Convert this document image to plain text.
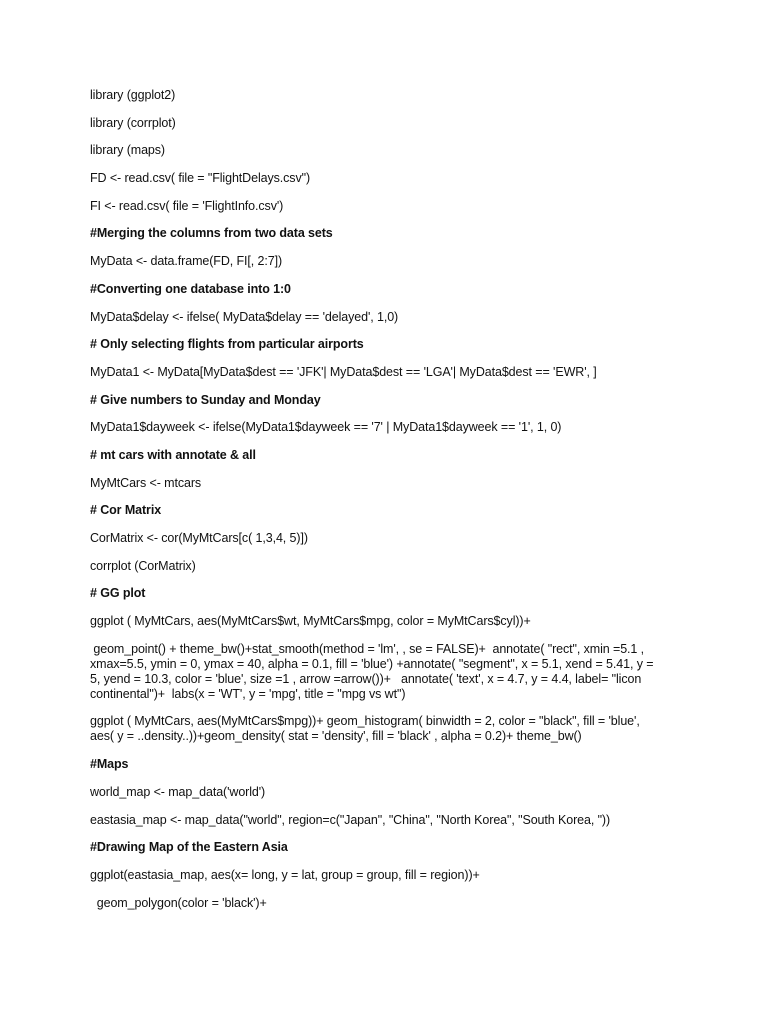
library (ggplot2)
library (corrplot)
library (maps)
FD <- read.csv( file = "FlightDelays.csv")
FI <- read.csv( file = 'FlightInfo.csv')
#Merging the columns from two data sets
MyData <- data.frame(FD, FI[, 2:7])
#Converting one database into 1:0
MyData$delay <- ifelse( MyData$delay == 'delayed', 1,0)
# Only selecting flights from particular airports
MyData1 <- MyData[MyData$dest == 'JFK'| MyData$dest == 'LGA'| MyData$dest == 'EWR', ]
# Give numbers to Sunday and Monday
MyData1$dayweek <- ifelse(MyData1$dayweek == '7' | MyData1$dayweek == '1', 1, 0)
# mt cars with annotate & all
MyMtCars <- mtcars
# Cor Matrix
CorMatrix <- cor(MyMtCars[c( 1,3,4, 5)])
corrplot (CorMatrix)
# GG plot
ggplot ( MyMtCars, aes(MyMtCars$wt, MyMtCars$mpg, color = MyMtCars$cyl))+
geom_point() + theme_bw()+stat_smooth(method = 'lm', , se = FALSE)+  annotate( "rect", xmin =5.1 ,
xmax=5.5, ymin = 0, ymax = 40, alpha = 0.1, fill = 'blue') +annotate( "segment", x = 5.1, xend = 5.41, y =
5, yend = 10.3, color = 'blue', size =1 , arrow =arrow())+   annotate( 'text', x = 4.7, y = 4.4, label= "licon
continental")+  labs(x = 'WT', y = 'mpg', title = "mpg vs wt")
ggplot ( MyMtCars, aes(MyMtCars$mpg))+ geom_histogram( binwidth = 2, color = "black", fill = 'blue',
aes( y = ..density..))+geom_density( stat = 'density', fill = 'black' , alpha = 0.2)+ theme_bw()
#Maps
world_map <- map_data('world')
eastasia_map <- map_data("world", region=c("Japan", "China", "North Korea", "South Korea, "))
#Drawing Map of the Eastern Asia
ggplot(eastasia_map, aes(x= long, y = lat, group = group, fill = region))+
geom_polygon(color = 'black')+
